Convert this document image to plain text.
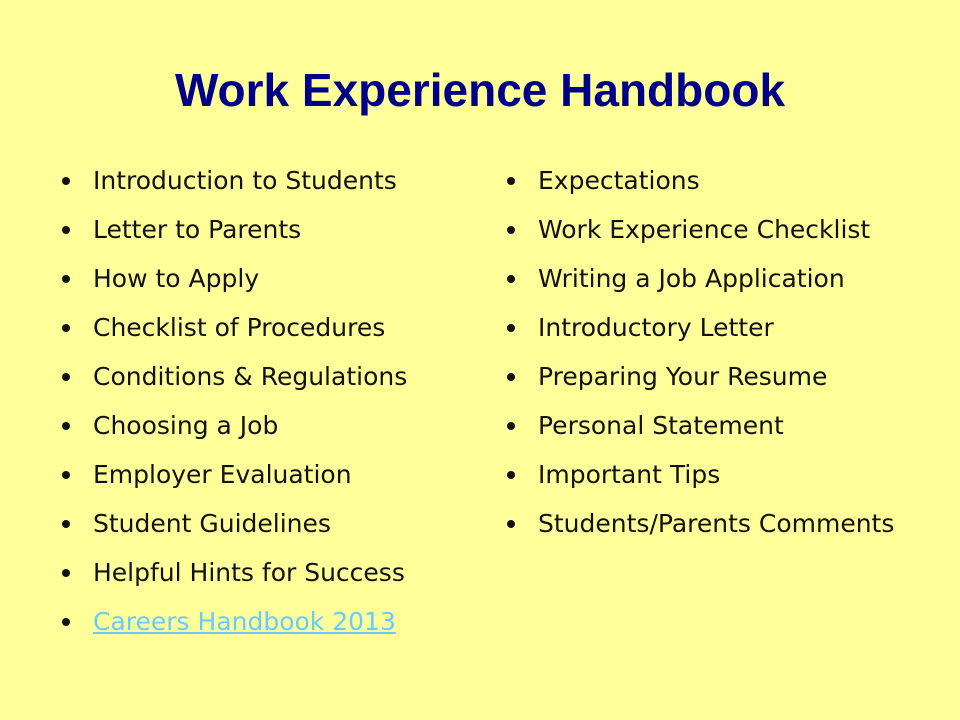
Work Experience Handbook
Introduction to Students
Letter to Parents
How to Apply
Checklist of Procedures
Conditions & Regulations
Choosing a Job
Employer Evaluation
Student Guidelines
Helpful Hints for Success
Careers Handbook 2013
Expectations
Work Experience Checklist
Writing a Job Application
Introductory Letter
Preparing Your Resume
Personal Statement
Important Tips
Students/Parents Comments
